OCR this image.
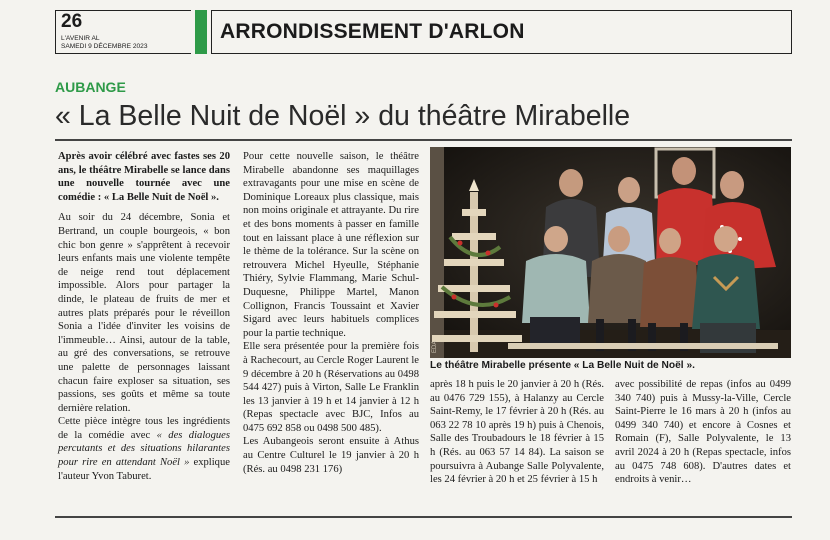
26
L'AVENIR AL
SAMEDI 9 DÉCEMBRE 2023
ARRONDISSEMENT D'ARLON
AUBANGE
« La Belle Nuit de Noël » du théâtre Mirabelle

Après avoir célébré avec fastes ses 20 ans, le théâtre Mirabelle se lance dans une nouvelle tournée avec une comédie : « La Belle Nuit de Noël ».

Au soir du 24 décembre, Sonia et Bertrand, un couple bourgeois, « bon chic bon genre » s'apprêtent à recevoir leurs enfants mais une violente tempête de neige rend tout déplacement impossible. Alors pour partager la dinde, le plateau de fruits de mer et autres plats préparés pour le réveillon Sonia a l'idée d'inviter les voisins de l'immeuble… Ainsi, autour de la table, au gré des conversations, se retrouve une palette de personnages laissant chacun faire exploser sa situation, ses passions, ses goûts et même sa toute dernière relation.

Cette pièce intègre tous les ingrédients de la comédie avec « des dialogues percutants et des situations hilarantes pour rire en attendant Noël » explique l'auteur Yvon Taburet.

Pour cette nouvelle saison, le théâtre Mirabelle abandonne ses maquillages extravagants pour une mise en scène de Dominique Loreaux plus classique, mais non moins originale et attrayante. Du rire et des bons moments à passer en famille tout en laissant place à une réflexion sur le thème de la tolérance. Sur la scène on retrouvera Michel Hyeulle, Stéphanie Thiéry, Sylvie Flammang, Marie Schul-Duquesne, Philippe Martel, Manon Collignon, Francis Toussaint et Xavier Sigard avec leurs habituels complices pour la partie technique.

Elle sera présentée pour la première fois à Rachecourt, au Cercle Roger Laurent le 9 décembre à 20 h (Réservations au 0498 544 427) puis à Virton, Salle Le Franklin les 13 janvier à 19 h et 14 janvier à 12 h (Repas spectacle avec BJC, Infos au 0475 692 858 ou 0498 500 485).

Les Aubangeois seront ensuite à Athus au Centre Culturel le 19 janvier à 20 h (Rés. au 0498 231 176)

EDA
Le théâtre Mirabelle présente « La Belle Nuit de Noël ».

après 18 h puis le 20 janvier à 20 h (Rés. au 0476 729 155), à Halanzy au Cercle Saint-Remy, le 17 février à 20 h (Rés. au 063 22 78 10 après 19 h) puis à Chenois, Salle des Troubadours le 18 février à 15 h (Rés. au 063 57 14 84). La saison se poursuivra à Aubange Salle Polyvalente, les 24 février à 20 h et 25 février à 15 h

avec possibilité de repas (infos au 0499 340 740) puis à Mussy-la-Ville, Cercle Saint-Pierre le 16 mars à 20 h (infos au 0499 340 740) et encore à Cosnes et Romain (F), Salle Polyvalente, le 13 avril 2024 à 20 h (Repas spectacle, infos au 0475 748 608). D'autres dates et endroits à venir…
